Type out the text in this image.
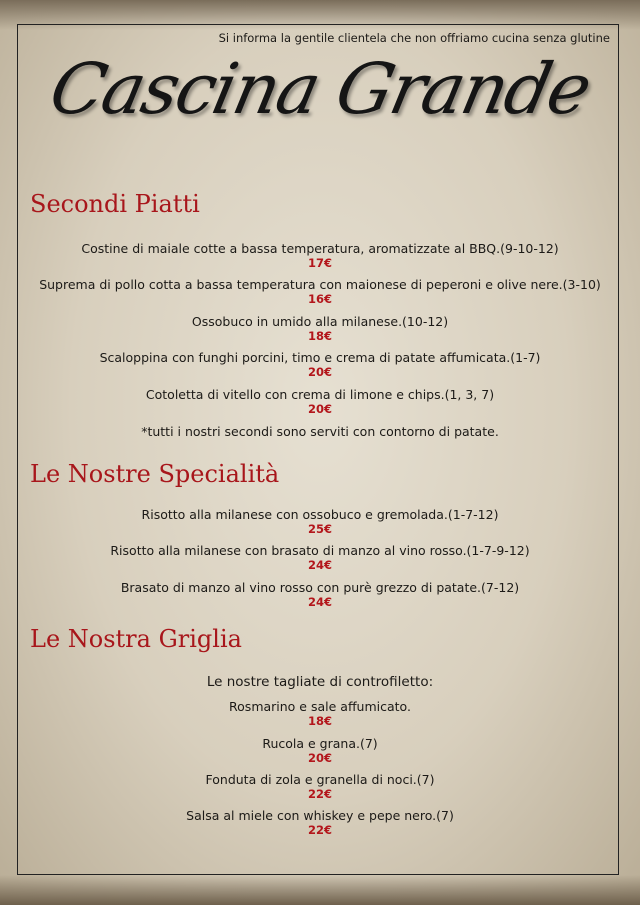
Si informa la gentile clientela che non offriamo cucina senza glutine
Cascina Grande
Secondi Piatti
Costine di maiale cotte a bassa temperatura, aromatizzate al BBQ.(9-10-12)
17€
Suprema di pollo cotta a bassa temperatura con maionese di peperoni e olive nere.(3-10)
16€
Ossobuco in umido alla milanese.(10-12)
18€
Scaloppina con funghi porcini, timo e crema di patate affumicata.(1-7)
20€
Cotoletta di vitello con crema di limone e chips.(1, 3, 7)
20€
*tutti i nostri secondi sono serviti con contorno di patate.
Le Nostre Specialità
Risotto alla milanese con ossobuco e gremolada.(1-7-12)
25€
Risotto alla milanese con brasato di manzo al vino rosso.(1-7-9-12)
24€
Brasato di manzo al vino rosso con purè grezzo di patate.(7-12)
24€
Le Nostra Griglia
Le nostre tagliate di controfiletto:
Rosmarino e sale affumicato.
18€
Rucola e grana.(7)
20€
Fonduta di zola e granella di noci.(7)
22€
Salsa al miele con whiskey e pepe nero.(7)
22€
